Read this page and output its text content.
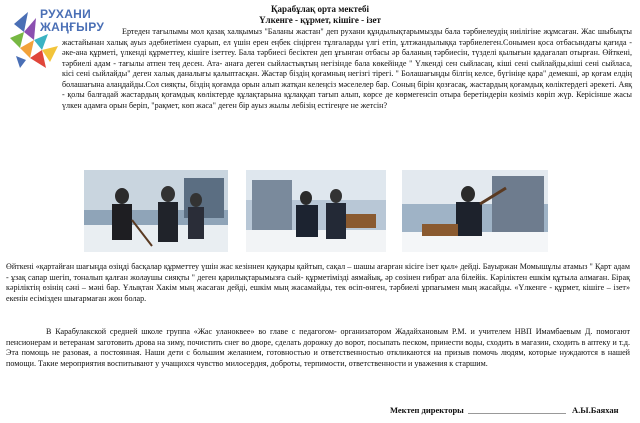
РУХАНИ
ЖАҢҒЫРУ
Қарабұлақ орта мектебі
Үлкенге - құрмет, кішіге - ізет

Ертеден тағылымы мол қазақ халқымыз "Баланы жастан" деп рухани құндылықтарымызды бала тәрбиелеудің ниілігіне жұмсаған. Жас шыбықты жастайынан халық ауыз әдебиетімен суарып, ел үшін ерен еңбек сіңірген тұлғаларды үлгі етіп, ұлтжандылыққа тәрбиелеген.Сонымен қоса отбасындағы қағида - әке-ана құрметі, үлкенді құрметтеу, кішіге ізеттеу. Бала тәрбиесі бесіктен деп ұғынған отбасы әр баланың тәрбиесін, түзделі қылығын қадағалап отырған. Өйткені, тәрбиелі адам - тағылы атпен тең десен. Ата- анаға деген сыйластықтың негізінде бала көкейінде " Үлкенді сен сыйласаң, кіші сені сыйлайды,кіші сені сыйласа, кісі сені сыйлайды" деген халық даналығы қалыптасқан. Жастар біздің қоғамның негізгі тірегі. " Болашағыңды білгің келсе, бүгініңе қара" демекші, әр қоғам елдің болашағына алаңдайды.Сол сияқты, біздің қоғамда орын алып жатқан келеңсіз мәселелер бар. Соның бірін қозғасақ, жастардың қоғамдық көліктердегі әрекеті. Аяқ - қолы балғадай жастардың қоғамдық көліктерде құлақтарына құлаққап тағып алып, көрсе де көрмегенсіп отыра беретіндерін көзіміз көріп жүр. Керісінше жасы үлкен адамға орын беріп, "рақмет, көп жаса" деген бір ауыз жылы лебізің естігеңге не жетсін?

Өйткені «қартайған шағыңда өзіңді басқалар құрметтеу үшін жас кезіннен қауқары қайтып, сақал – шашы ағарған кісіге ізет қыл» дейді. Бауыржан Момышұлы атамыз " Қарт адам - ұзақ сапар шегіп, тоналып қалған жолаушы сияқты " деген қарилықтарымызға сый- құрметімізді аямайық, әр сөзінен ғибрат ала білейік. Кәріліктен ешкім құтыла алмаған. Бірақ кәріліктің өзінің сәні – мәні бар. Ұлықтан Хакім мың жасаған дейді, ешкім мың жасамайды, тек өсіп-өнген, тәрбиелі ұрпағымен мың жасайды. «Үлкенге - құрмет, кішіге – ізет» екенін есімізден шығармаған жөн болар.

В Карабулакской средней школе группа «Жас уланоквее» во главе с педагогом- организатором Жадайхановым Р.М. и учителем НВП Имамбаевым Д. помогают пенсионерам и ветеранам заготовить дрова на зиму, почистить снег во дворе, сделать дорожку до ворот, посыпать песком, принести воды, сходить в магазин, сходить в аптеку и т.д. Эта помощь не разовая, а постоянная. Наши дети с большим желанием, готовностью и ответственностью откликаются на призыв помочь людям, которые нуждаются в нашей помощи. Такие мероприятия воспитывают у учащихся чувство милосердия, доброты, терпимости, ответственности и уважения к старшим.

Мектеп директоры	А.Ы.Баяхан
